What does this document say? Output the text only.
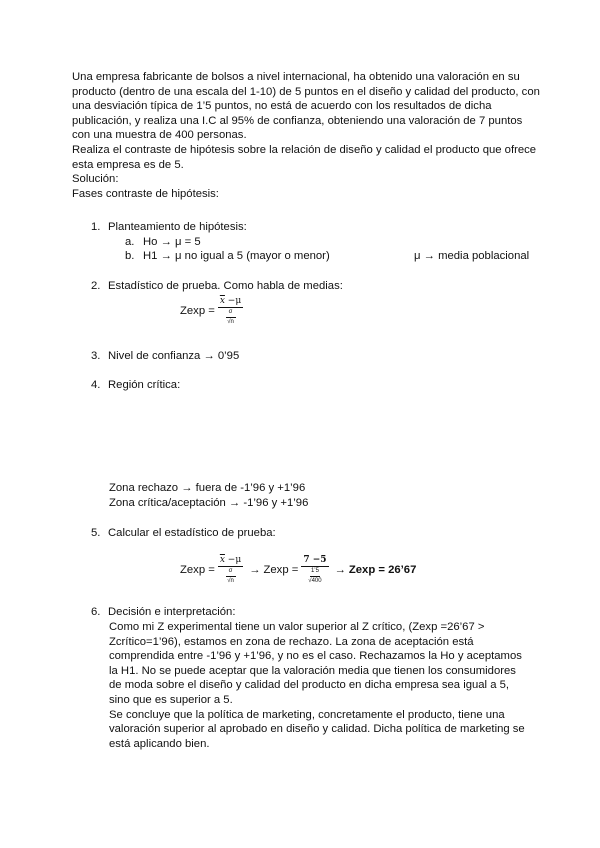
Una empresa fabricante de bolsos a nivel internacional, ha obtenido una valoración en su producto (dentro de una escala del 1-10) de 5 puntos en el diseño y calidad del producto, con una desviación típica de 1’5 puntos, no está de acuerdo con los resultados de dicha publicación, y realiza una I.C al 95% de confianza, obteniendo una valoración de 7 puntos con una muestra de 400 personas.

Realiza el contraste de hipótesis sobre la relación de diseño y calidad el producto que ofrece esta empresa es de 5.

Solución:

Fases contraste de hipótesis:

1. Planteamiento de hipótesis:
a. Ho → μ = 5
b. H1 → μ no igual a 5 (mayor o menor)	μ → media poblacional
2. Estadístico de prueba. Como habla de medias:
$Zexp = \overline{x} -\mu$
σ
√n
3. Nivel de confianza → 0’95
4. Región crítica:
Zona rechazo → fuera de -1’96 y +1’96
Zona crítica/aceptación → -1’96 y +1’96
5. Calcular el estadístico de prueba:
$Zexp = \overline{x} -\mu$
σ
√n → Zexp = 7 −5
1’5
√400 → Zexp = 26’67
6. Decisión e interpretación:

Como mi Z experimental tiene un valor superior al Z crítico, (Zexp =26’67 > Zcrítico=1’96), estamos en zona de rechazo. La zona de aceptación está comprendida entre -1’96 y +1’96, y no es el caso. Rechazamos la Ho y aceptamos la H1. No se puede aceptar que la valoración media que tienen los consumidores de moda sobre el diseño y calidad del producto en dicha empresa sea igual a 5, sino que es superior a 5.

Se concluye que la política de marketing, concretamente el producto, tiene una valoración superior al aprobado en diseño y calidad. Dicha política de marketing se está aplicando bien.
